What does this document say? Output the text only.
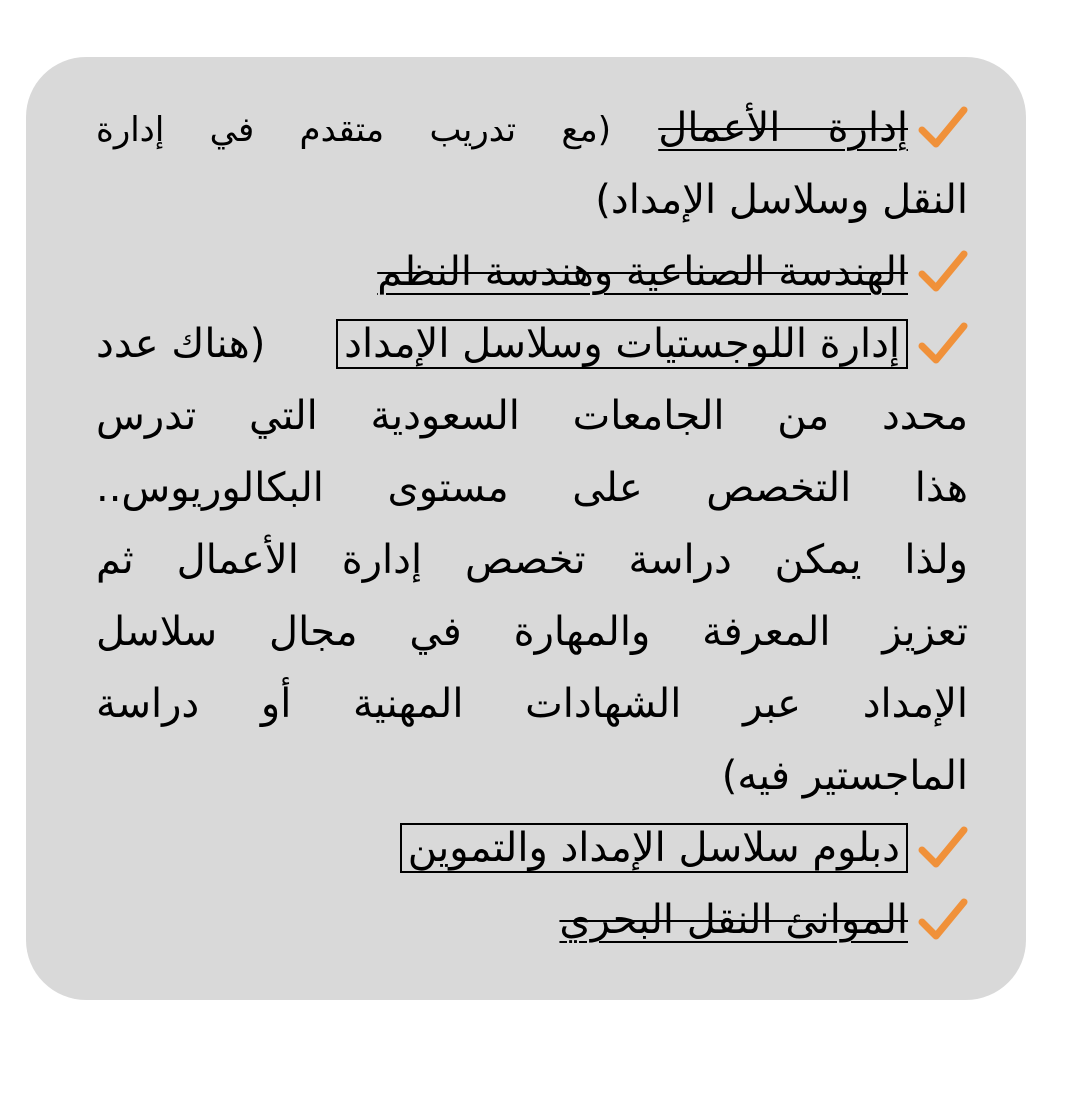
إدارة الأعمال (مع تدريب متقدم في إدارة
النقل وسلاسل الإمداد)
الهندسة الصناعية وهندسة النظم
إدارة اللوجستيات وسلاسل الإمداد
(هناك عدد
محدد من الجامعات السعودية التي تدرس
هذا التخصص على مستوى البكالوريوس..
ولذا يمكن دراسة تخصص إدارة الأعمال ثم
تعزيز المعرفة والمهارة في مجال سلاسل
الإمداد عبر الشهادات المهنية أو دراسة
الماجستير فيه)
دبلوم سلاسل الإمداد والتموين
الموانئ النقل البحري
